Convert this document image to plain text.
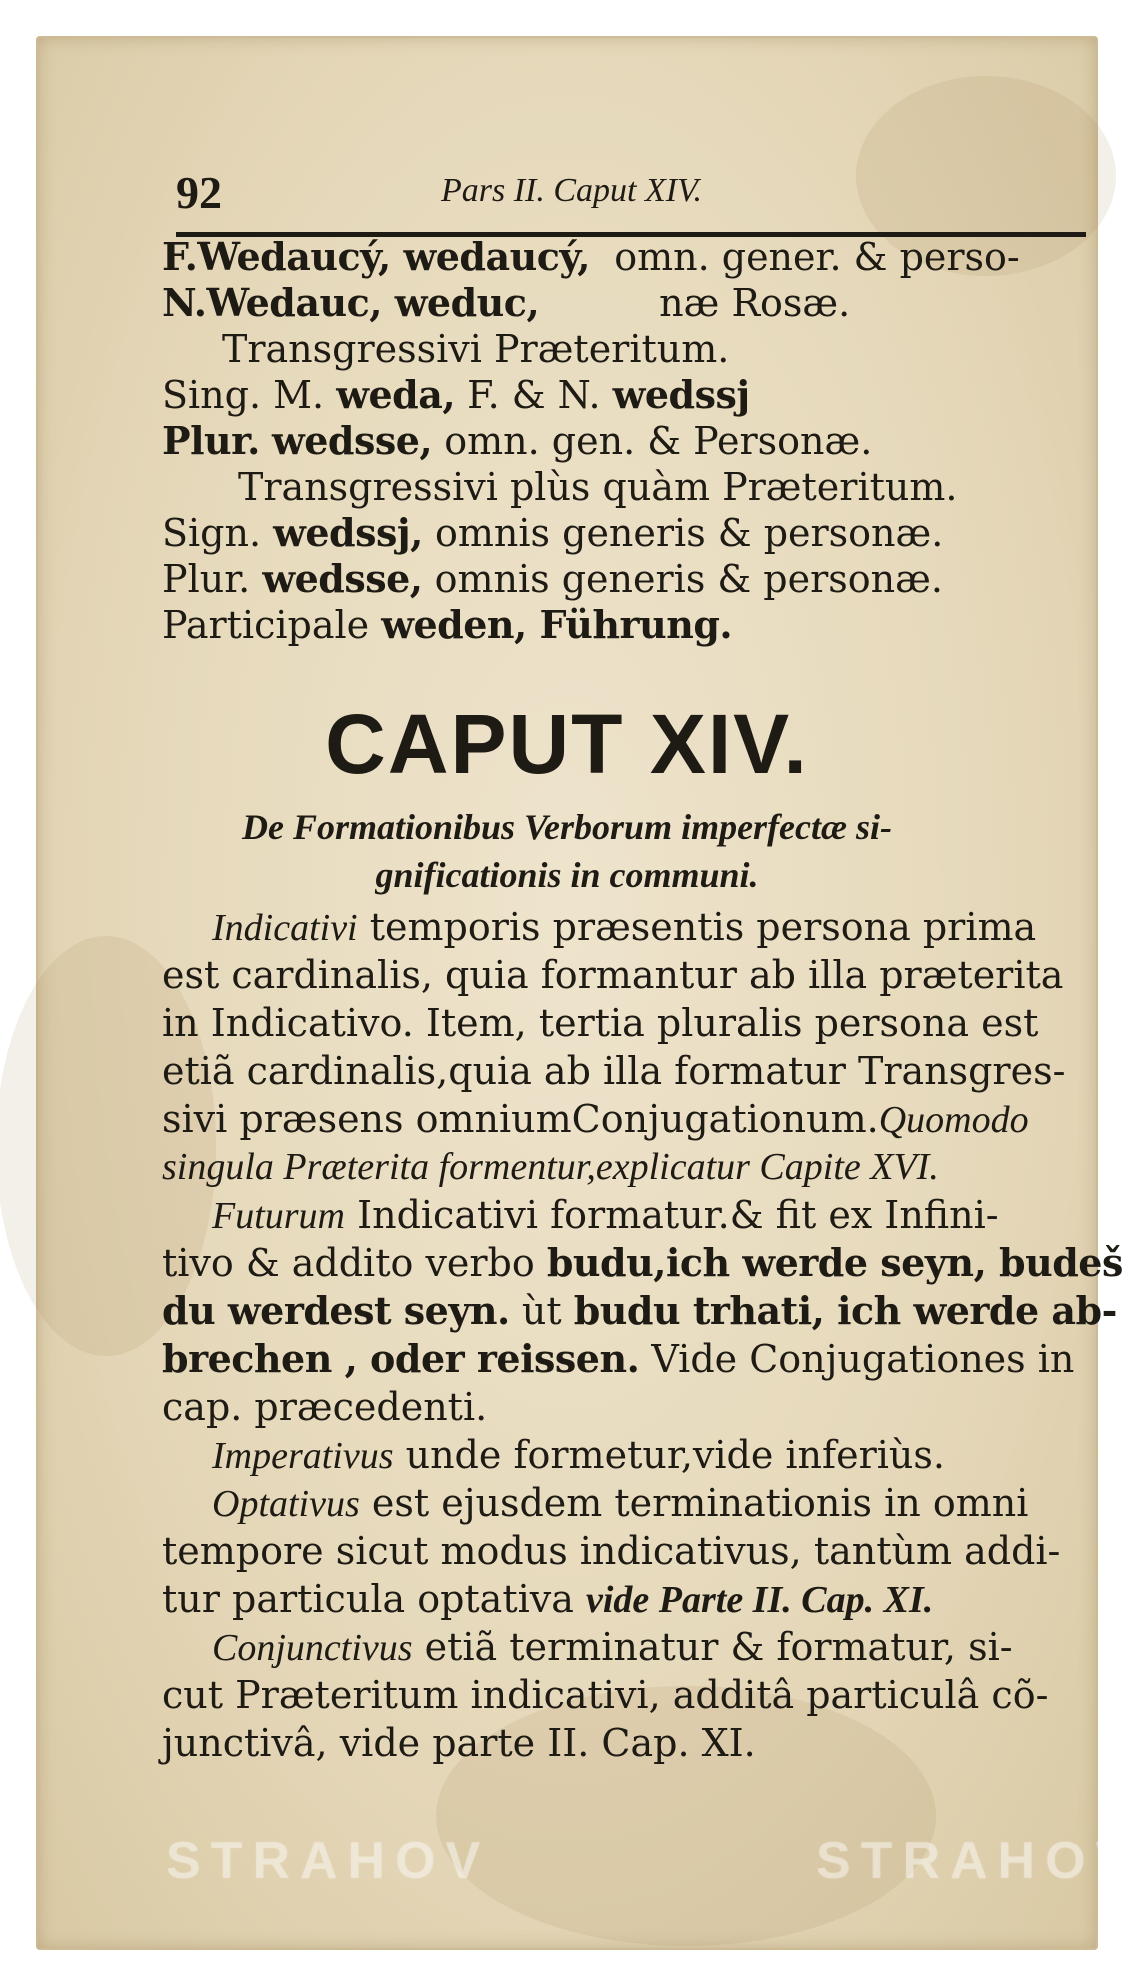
92	Pars II. Caput XIV.
F.Wedaucý, wedaucý, omn. gener. & perso-
N.Wedauc, weduc,	næ Rosæ.
Transgressivi Præteritum.
Sing. M. weda, F. & N. wedssj
Plur. wedsse, omn. gen. & Personæ.
Transgressivi plùs quàm Præteritum.
Sign. wedssj, omnis generis & personæ.
Plur. wedsse, omnis generis & personæ.
Participale weden, Führung.
CAPUT XIV.
De Formationibus Verborum imperfectæ si-
gnificationis in communi.
Indicativi temporis præsentis persona prima
est cardinalis, quia formantur ab illa præterita
in Indicativo. Item, tertia pluralis persona est
etiã cardinalis,quia ab illa formatur Transgres-
sivi præsens omniumConjugationum.Quomodo
singula Præterita formentur,explicatur Capite XVI.
Futurum Indicativi formatur.& fit ex Infini-
tivo & addito verbo budu,ich werde seyn, budeš
du werdest seyn. ùt budu trhati, ich werde ab-
brechen , oder reissen. Vide Conjugationes in
cap. præcedenti.
Imperativus unde formetur,vide inferiùs.
Optativus est ejusdem terminationis in omni
tempore sicut modus indicativus, tantùm addi-
tur particula optativa vide Parte II. Cap. XI.
Conjunctivus etiã terminatur & formatur, si-
cut Præteritum indicativi, additâ particulâ cõ-
junctivâ, vide parte II. Cap. XI.
STRAHOV	STRAHOV
